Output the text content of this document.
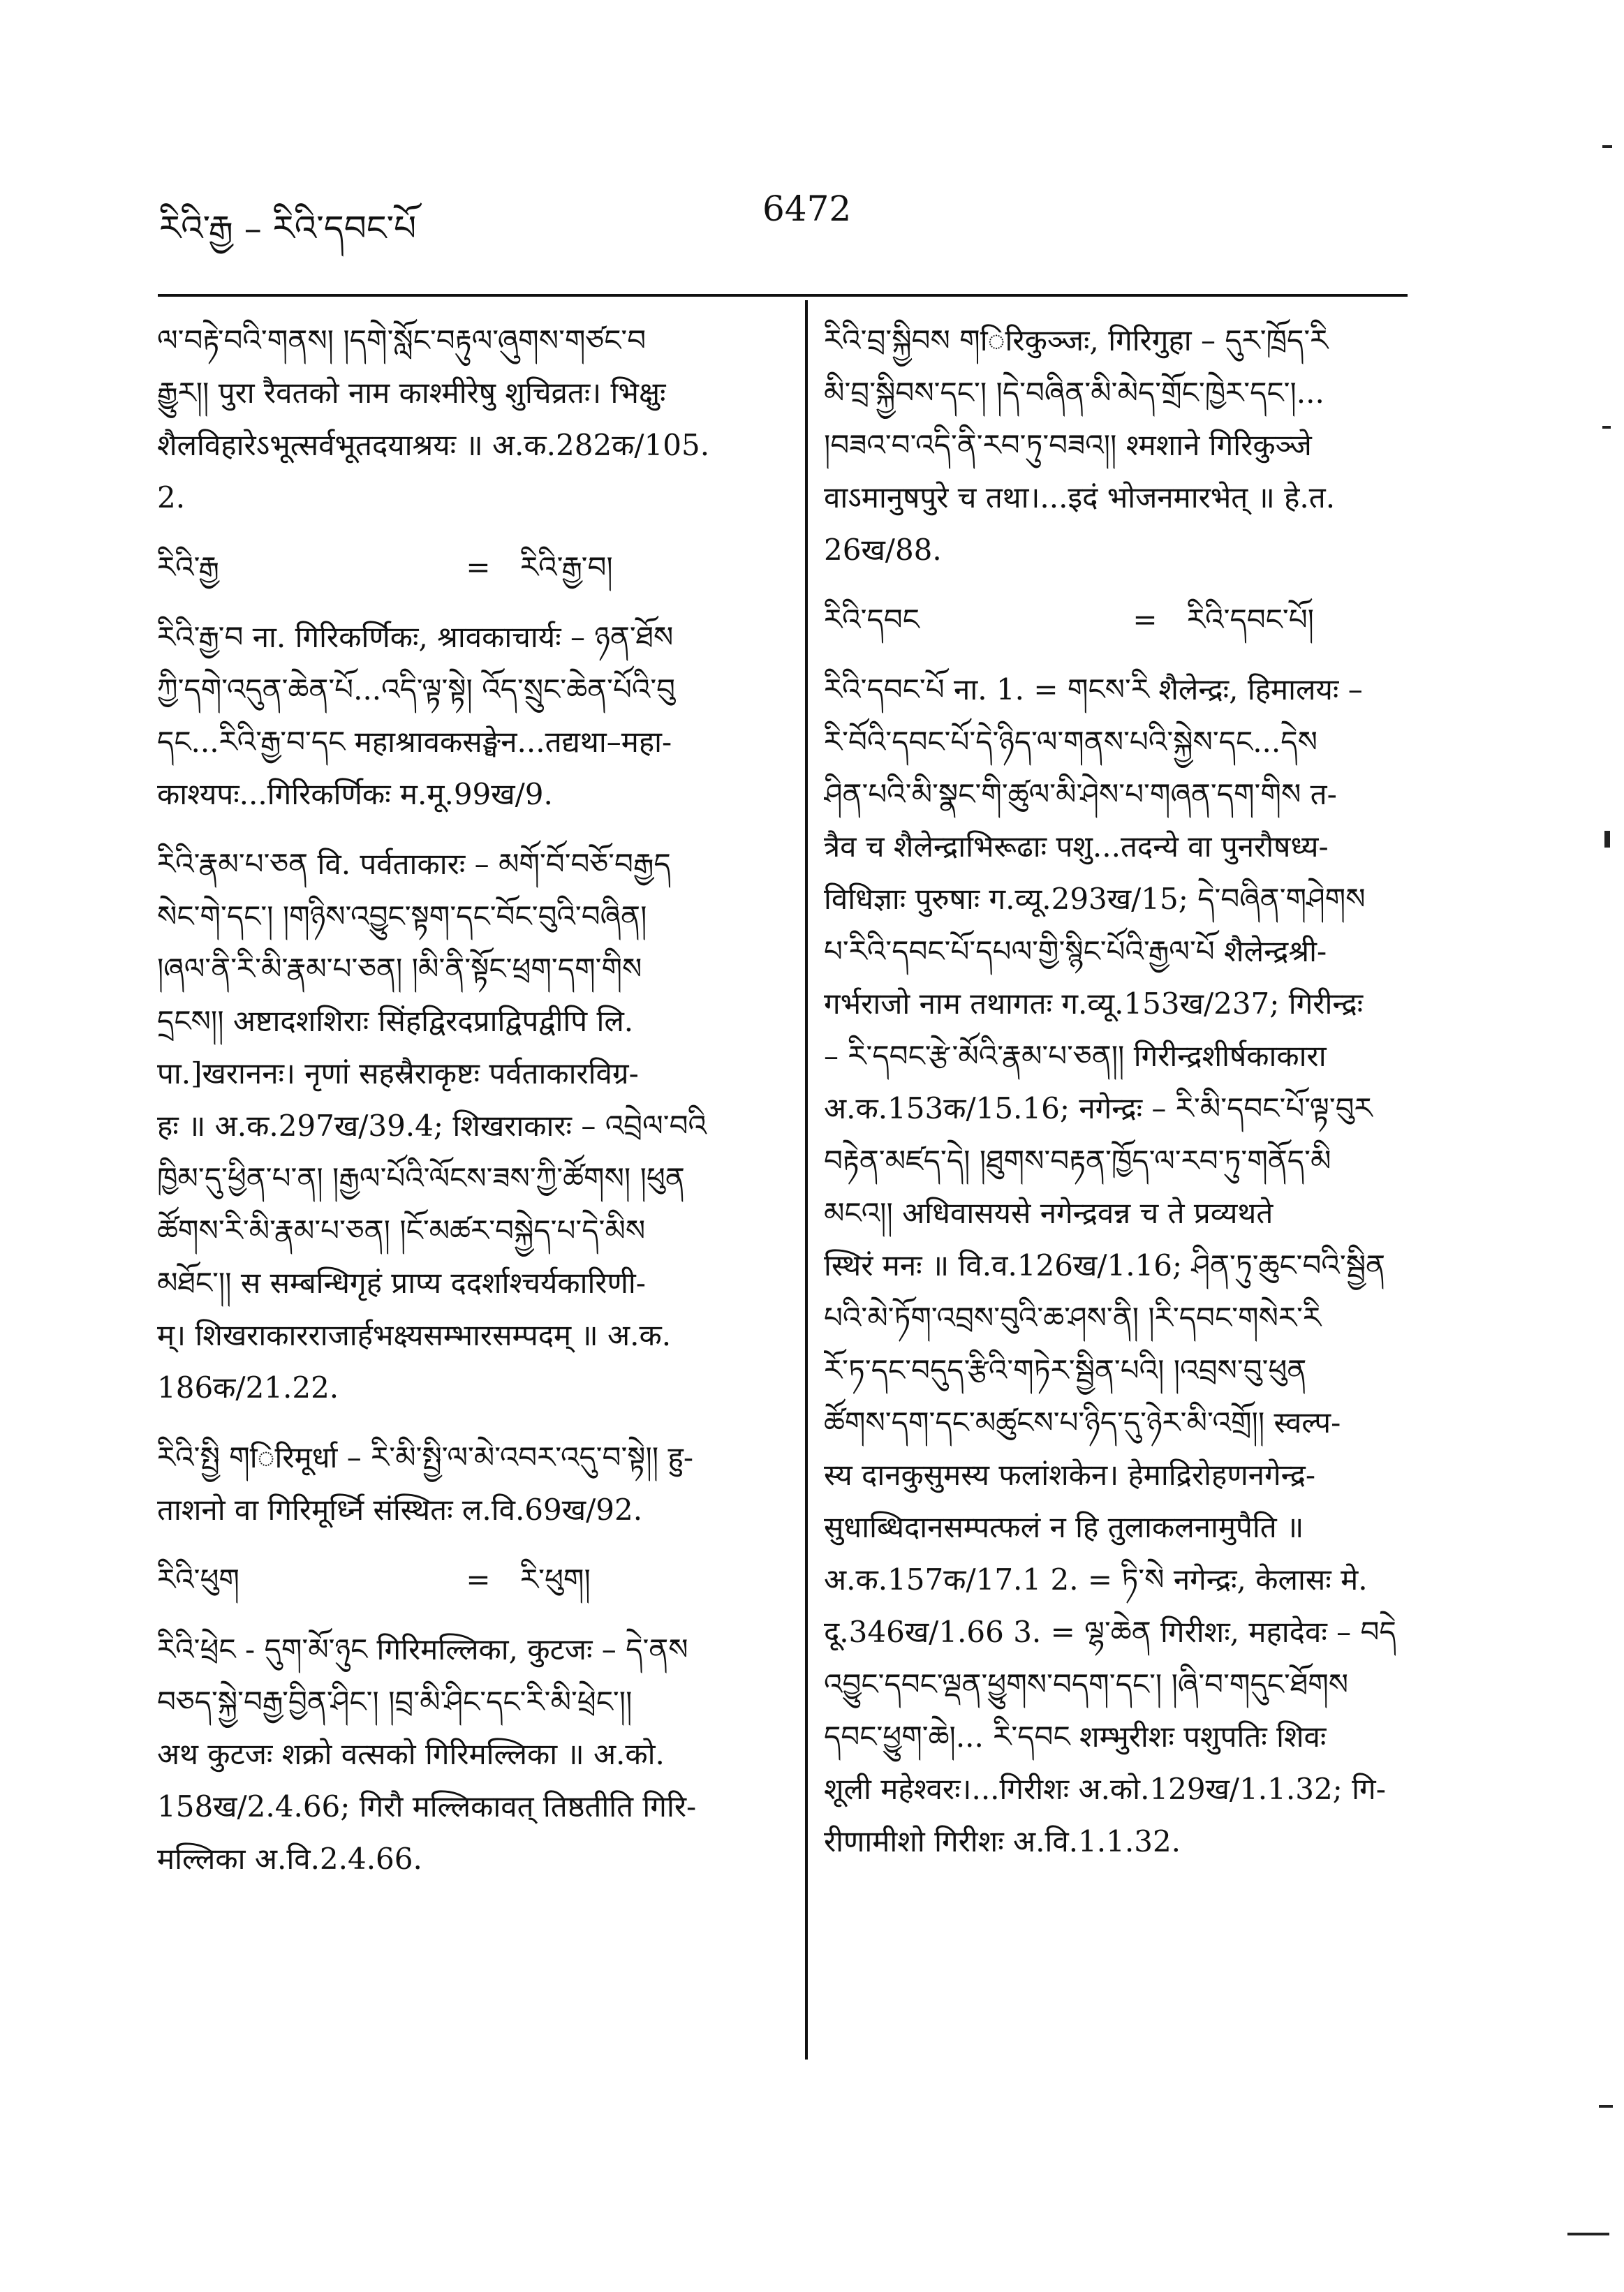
རིའི་རྒྱ – རིའི་དབང་པོ	6472
ལ་བརྟེ་བའི་གནས། །དགེ་སློང་བརྟུལ་ཞུགས་གཙང་བ
རྒྱུར།། पुरा रैवतको नाम काश्मीरेषु शुचिव्रतः। भिक्षुः
शैलविहारेऽभूत्सर्वभूतदयाश्रयः ॥ अ.क.282क/105.
2.
རིའི་རྒྱ	=	རིའི་རྒྱ་བ།
རིའི་རྒྱ་བ ना. गिरिकर्णिकः, श्रावकाचार्यः – ཉན་ཐོས
ཀྱི་དགེ་འདུན་ཆེན་པོ...འདི་ལྟ་སྟེ། འོད་སྲུང་ཆེན་པོའི་བུ
དང...རིའི་རྒྱ་བ་དང महाश्रावकसङ्घेन...तद्यथा–महा-
काश्यपः...गिरिकर्णिकः म.मू.99ख/9.
རིའི་རྣམ་པ་ཅན वि. पर्वताकारः – མགོ་བོ་བཅོ་བརྒྱད
སེང་གེ་དང་། །གཉིས་འབྱུང་སྟག་དང་བོང་བུའི་བཞིན།
།ཞལ་ནི་རི་མི་རྣམ་པ་ཅན། །མི་ནི་སྟོང་ཕྲག་དག་གིས
དྲངས།། अष्टादशशिराः सिंहद्विरदप्राद्विपद्वीपि लि.
पा.]खराननः। नृणां सहस्रैराकृष्टः पर्वताकारविग्र-
हः ॥ अ.क.297ख/39.4; शिखराकारः – འབྲེལ་བའི
ཁྱིམ་དུ་ཕྱིན་པ་ན། །རྒྱལ་པོའི་ལོངས་ཟས་ཀྱི་ཚོགས། །ཕུན
ཚོགས་རི་མི་རྣམ་པ་ཅན། །ངོ་མཚར་བསྐྱེད་པ་དེ་མིས
མཐོང་།། स सम्बन्धिगृहं प्राप्य ददर्शाश्चर्यकारिणी-
म्। शिखराकारराजार्हभक्ष्यसम्भारसम्पदम् ॥ अ.क.
186क/21.22.
རིའི་སྤྱི གिरिमूर्धा – རི་མི་སྤྱི་ལ་མེ་འབར་འདུ་བ་སྟེ།། हु-
ताशनो वा गिरिमूर्ध्नि संस्थितः ल.वि.69ख/92.
རིའི་ཕུག	=	རི་ཕུག།
རིའི་ཕྲེང - དུག་མོ་ཉུང गिरिमल्लिका, कुटजः – དེ་ནས
བཅད་སྐྱེ་བརྒྱ་བྱིན་ཤིང་། །བྲ་མི་ཤིང་དང་རི་མི་ཕྲེང་།།
अथ कुटजः शक्रो वत्सको गिरिमल्लिका ॥ अ.को.
158ख/2.4.66; गिरौ मल्लिकावत् तिष्ठतीति गिरि-
मल्लिका अ.वि.2.4.66.
རིའི་བྲ་སྐྱིབས གिरिकुञ्जः, गिरिगुहा – དུར་ཁྲོད་རི
མི་བྲ་སྐྱིབས་དང་། །དེ་བཞིན་མི་མེད་གྲོང་ཁྱེར་དང་།...
།བཟའ་བ་འདི་ནི་རབ་ཏུ་བཟའ།། श्मशाने गिरिकुञ्जे
वाऽमानुषपुरे च तथा।...इदं भोजनमारभेत् ॥ हे.त.
26ख/88.
རིའི་དབང	=	རིའི་དབང་པོ།
རིའི་དབང་པོ ना. 1. = གངས་རི शैलेन्द्रः, हिमालयः –
རི་བོའི་དབང་པོ་དེ་ཉིད་ལ་གནས་པའི་སྐྱེས་དང...དེས
ཤིན་པའི་མི་སྣང་གི་ཚུལ་མི་ཤེས་པ་གཞན་དག་གིས त-
त्रैव च शैलेन्द्राभिरूढाः पशु...तदन्ये वा पुनरौषध्य-
विधिज्ञाः पुरुषाः ग.व्यू.293ख/15; དེ་བཞིན་གཤེགས
པ་རིའི་དབང་པོ་དཔལ་གྱི་སྙིང་པོའི་རྒྱལ་པོ शैलेन्द्रश्री-
गर्भराजो नाम तथागतः ग.व्यू.153ख/237; गिरीन्द्रः
– རི་དབང་རྩེ་མོའི་རྣམ་པ་ཅན།། गिरीन्द्रशीर्षकाकारा
अ.क.153क/15.16; नगेन्द्रः – རི་མི་དབང་པོ་ལྟ་བུར
བརྟེན་མཛད་དེ། །ཐུགས་བརྟན་ཁྱོད་ལ་རབ་ཏུ་གནོད་མི
མངའ།། अधिवासयसे नगेन्द्रवन्न च ते प्रव्यथते
स्थिरं मनः ॥ वि.व.126ख/1.16; ཤིན་ཏུ་ཆུང་བའི་སྦྱིན
པའི་མེ་ཏོག་འབྲས་བུའི་ཆ་ཤས་ནི། །རི་དབང་གསེར་རི
རོ་ཏ་དང་བདུད་རྩིའི་གཏེར་སྦྱིན་པའི། །འབྲས་བུ་ཕུན
ཚོགས་དག་དང་མཚུངས་པ་ཉིད་དུ་ཉེར་མི་འགྲོ།། स्वल्प-
स्य दानकुसुमस्य फलांशकेन। हेमाद्रिरोहणनगेन्द्र-
सुधाब्धिदानसम्पत्फलं न हि तुलाकलनामुपैति ॥
अ.क.157क/17.1 2. = ཏི་སེ नगेन्द्रः, केलासः मे.
दू.346ख/1.66 3. = ལྷ་ཆེན गिरीशः, महादेवः – བདེ
འབྱུང་དབང་ལྡན་ཕྱུགས་བདག་དང་། །ཞི་བ་གདུང་ཐོགས
དབང་ཕྱུག་ཆེ།... རི་དབང शम्भुरीशः पशुपतिः शिवः
शूली महेश्वरः।...गिरीशः अ.को.129ख/1.1.32; गि-
रीणामीशो गिरीशः अ.वि.1.1.32.
